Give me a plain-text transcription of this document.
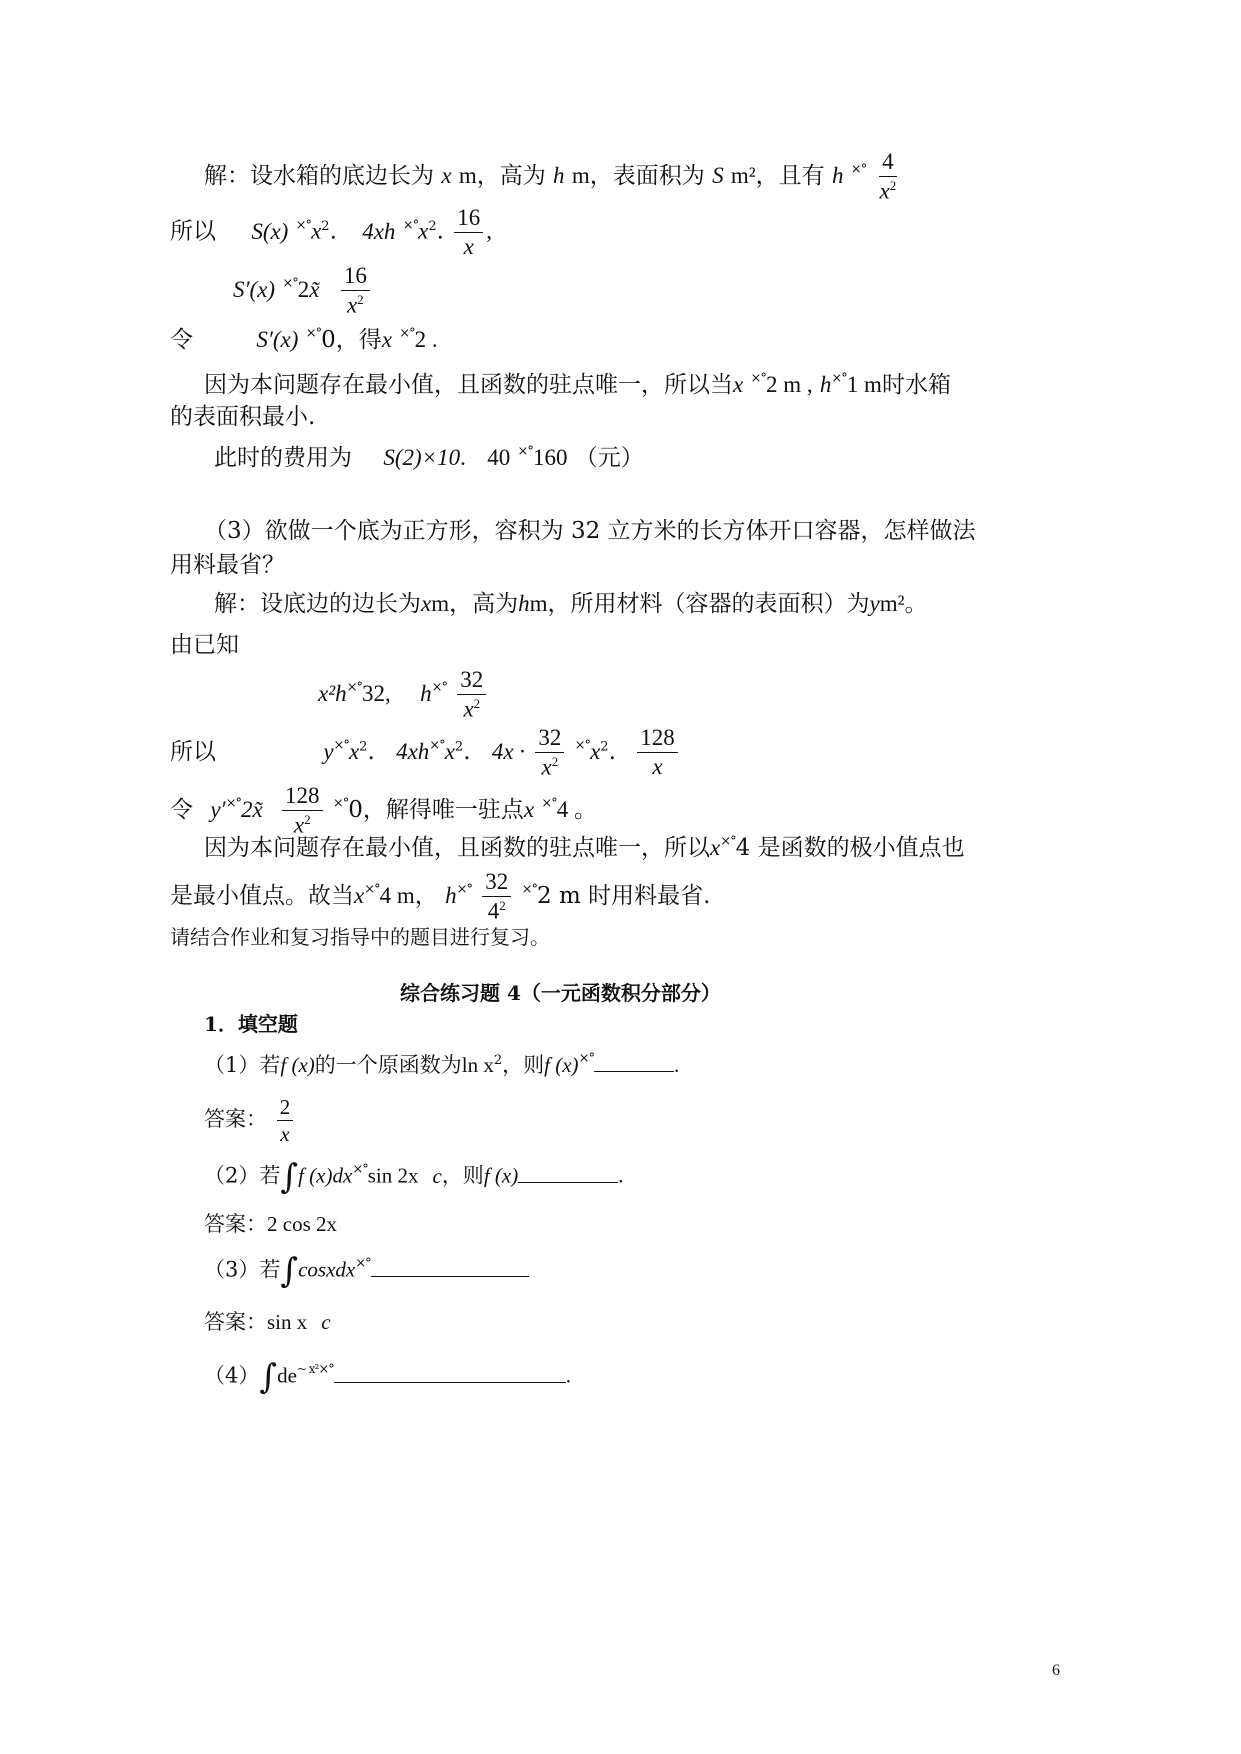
解：设水箱的底边长为 x m，高为 h m，表面积为 S m²，且有 h $^{\times^\circ} \frac{4}{x^2}$
所以 S(x) $^{\times^\circ}x^2$. 4xh $^{\times^\circ}x^2$. $\frac{16}{x}$ ,
S′(x) ×°2x̃ $\frac{16}{x^2}$
令	S′(x) ×°0，得x ×°2 .
因为本问题存在最小值，且函数的驻点唯一，所以当x ×°2 m , h×°1 m时水箱
的表面积最小.
此时的费用为 S(2)×10. 40 ×°160 （元）
（3）欲做一个底为正方形，容积为 32 立方米的长方体开口容器，怎样做法
用料最省？
解：设底边的边长为xm，高为hm，所用材料（容器的表面积）为ym²。
由已知
x²h×°32, $h^{\times^\circ} \frac{32}{x^2}$
所以	$y^{\times^\circ}x^2$. $4xh^{\times^\circ}x^2$. $4x \cdot \frac{32}{x^2} ^{\times^\circ}x^2$. $\frac{128}{x}$
令 y′×°2x̃ $\frac{128}{x^2} ^{\times^\circ}0$，解得唯一驻点x ×°4 。
因为本问题存在最小值，且函数的驻点唯一，所以x×°4 是函数的极小值点也
是最小值点。故当x×°4 m， $h^{\times^\circ} \frac{32}{4^2} ^{\times^\circ}2$ m 时用料最省.
请结合作业和复习指导中的题目进行复习。
综合练习题 4（一元函数积分部分）
1．填空题
（1）若f (x)的一个原函数为$\ln x^2$，则f (x)×°	.
答案： $\frac{2}{x}$
（2）若∫f (x)dx×°sin 2x c，则f (x)	.
答案：2 cos 2x
（3）若∫cosxdx×°
答案：sin x c
$(4)\int de^{\sim x^2\times^\circ}$	.
6
